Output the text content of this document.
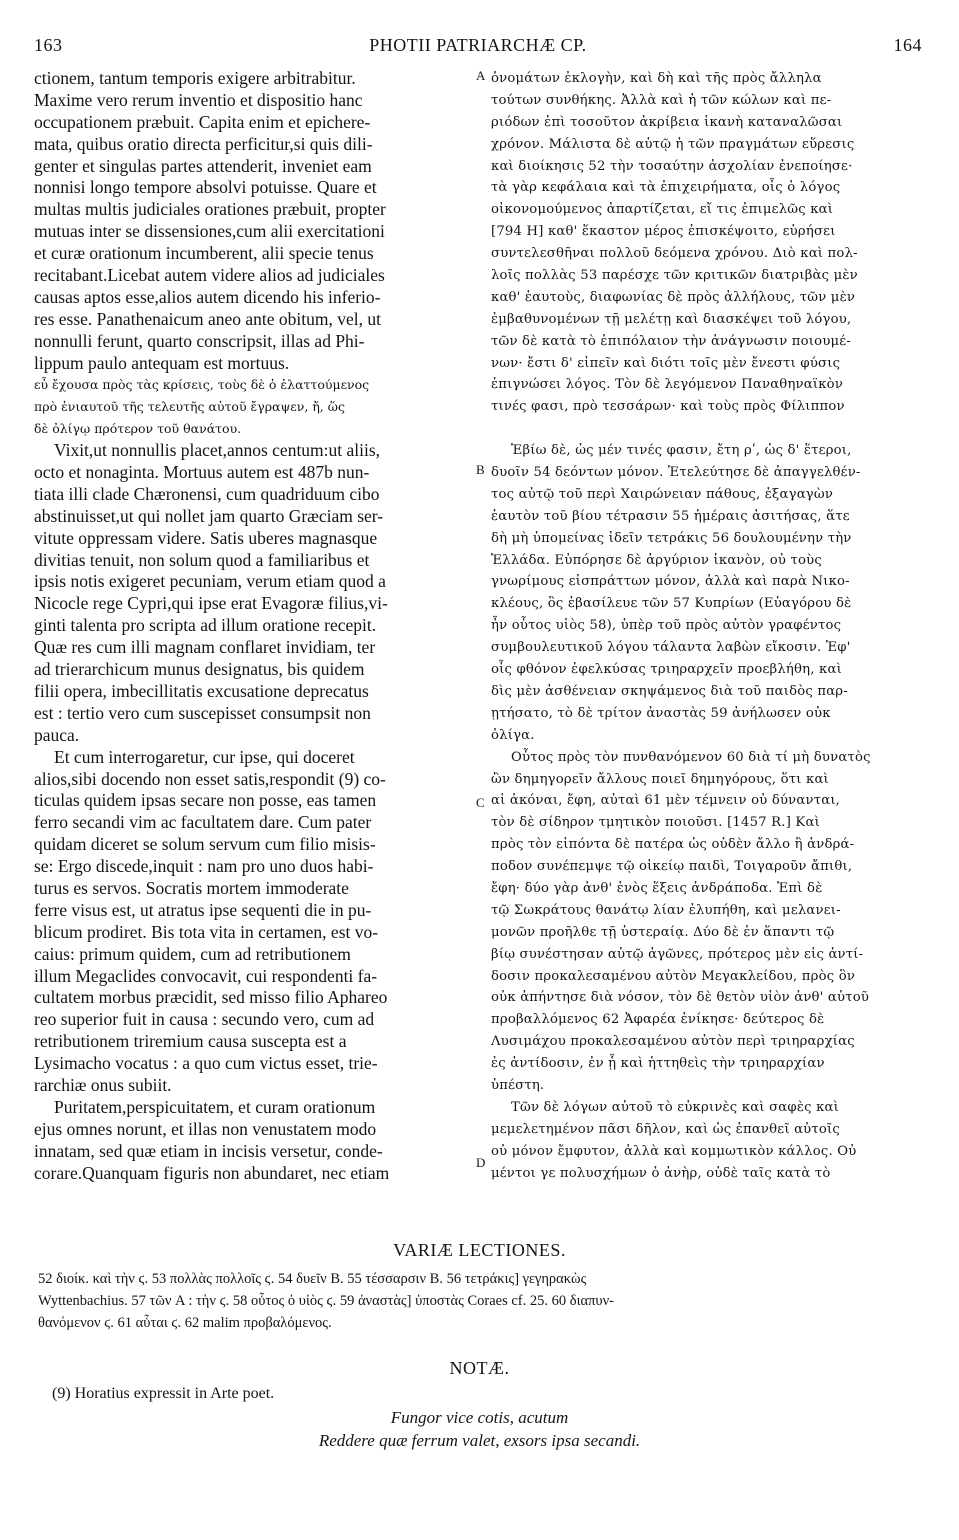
163	PHOTII PATRIARCHÆ CP.	164
ctionem, tantum temporis exigere arbitrabitur.
Maxime vero rerum inventio et dispositio hanc
occupationem præbuit. Capita enim et epichere-
mata, quibus oratio directa perficitur,si quis dili-
genter et singulas partes attenderit, inveniet eam
nonnisi longo tempore absolvi potuisse. Quare et
multas multis judiciales orationes præbuit, propter
mutuas inter se dissensiones,cum alii exercitationi
et curæ orationum incumberent, alii specie tenus
recitabant.Licebat autem videre alios ad judiciales
causas aptos esse,alios autem dicendo his inferio-
res esse. Panathenaicum aneo ante obitum, vel, ut
nonnulli ferunt, quarto conscripsit, illas ad Phi-
lippum paulo antequam est mortuus.
εὖ ἔχουσα πρὸς τὰς κρίσεις, τοὺς δὲ ὁ ἐλαττούμενος
πρὸ ἐνιαυτοῦ τῆς τελευτῆς αὐτοῦ ἔγραψεν, ἤ, ὥς
δὲ ὀλίγῳ πρότερον τοῦ θανάτου.
Vixit,ut nonnullis placet,annos centum:ut aliis,
octo et nonaginta. Mortuus autem est 487b nun-
tiata illi clade Chæronensi, cum quadriduum cibo
abstinuisset,ut qui nollet jam quarto Græciam ser-
vitute oppressam videre. Satis uberes magnasque
divitias tenuit, non solum quod a familiaribus et
ipsis notis exigeret pecuniam, verum etiam quod a
Nicocle rege Cypri,qui ipse erat Evagoræ filius,vi-
ginti talenta pro scripta ad illum oratione recepit.
Quæ res cum illi magnam conflaret invidiam, ter
ad trierarchicum munus designatus, bis quidem
filii opera, imbecillitatis excusatione deprecatus
est : tertio vero cum suscepisset consumpsit non
pauca.
Et cum interrogaretur, cur ipse, qui doceret
alios,sibi docendo non esset satis,respondit (9) co-
ticulas quidem ipsas secare non posse, eas tamen
ferro secandi vim ac facultatem dare. Cum pater
quidam diceret se solum servum cum filio misis-
se: Ergo discede,inquit : nam pro uno duos habi-
turus es servos. Socratis mortem immoderate
ferre visus est, ut atratus ipse sequenti die in pu-
blicum prodiret. Bis tota vita in certamen, est vo-
caius: primum quidem, cum ad retributionem
illum Megaclides convocavit, cui respondenti fa-
cultatem morbus præcidit, sed misso filio Aphareo
reo superior fuit in causa : secundo vero, cum ad
retributionem triremium causa suscepta est a
Lysimacho vocatus : a quo cum victus esset, trie-
rarchiæ onus subiit.
Puritatem,perspicuitatem, et curam orationum
ejus omnes norunt, et illas non venustatem modo
innatam, sed quæ etiam in incisis versetur, conde-
corare.Quanquam figuris non abundaret, nec etiam
ὀνομάτων ἐκλογὴν, καὶ δὴ καὶ τῆς πρὸς ἄλληλα
τούτων συνθήκης. Ἀλλὰ καὶ ἡ τῶν κώλων καὶ πε-
ριόδων ἐπὶ τοσοῦτον ἀκρίβεια ἱκανὴ καταναλῶσαι
χρόνον. Μάλιστα δὲ αὐτῷ ἡ τῶν πραγμάτων εὕρεσις
καὶ διοίκησις 52 τὴν τοσαύτην ἀσχολίαν ἐνεποίησε·
τὰ γὰρ κεφάλαια καὶ τὰ ἐπιχειρήματα, οἷς ὁ λόγος
οἰκονομούμενος ἀπαρτίζεται, εἴ τις ἐπιμελῶς καὶ
[794 H] καθ' ἕκαστον μέρος ἐπισκέψοιτο, εὑρήσει
συντελεσθῆναι πολλοῦ δεόμενα χρόνου. Διὸ καὶ πολ-
λοῖς πολλὰς 53 παρέσχε τῶν κριτικῶν διατριβὰς μὲν
καθ' ἑαυτοὺς, διαφωνίας δὲ πρὸς ἀλλήλους, τῶν μὲν
ἐμβαθυνομένων τῇ μελέτῃ καὶ διασκέψει τοῦ λόγου,
τῶν δὲ κατὰ τὸ ἐπιπόλαιον τὴν ἀνάγνωσιν ποιουμέ-
νων· ἔστι δ' εἰπεῖν καὶ διότι τοῖς μὲν ἔνεστι φύσις
ἐπιγνώσει λόγος. Τὸν δὲ λεγόμενον Παναθηναϊκὸν
τινές φασι, πρὸ τεσσάρων· καὶ τοὺς πρὸς Φίλιππον
Ἐβίω δὲ, ὡς μέν τινές φασιν, ἔτη ρʹ, ὡς δ' ἕτεροι,
δυοῖν 54 δεόντων μόνον. Ἐτελεύτησε δὲ ἀπαγγελθέν-
τος αὐτῷ τοῦ περὶ Χαιρώνειαν πάθους, ἐξαγαγὼν
ἑαυτὸν τοῦ βίου τέτρασιν 55 ἡμέραις ἀσιτήσας, ἅτε
δὴ μὴ ὑπομείνας ἰδεῖν τετράκις 56 δουλουμένην τὴν
Ἑλλάδα. Εὐπόρησε δὲ ἀργύριον ἱκανὸν, οὐ τοὺς
γνωρίμους εἰσπράττων μόνον, ἀλλὰ καὶ παρὰ Νικο-
κλέους, ὃς ἐβασίλευε τῶν 57 Κυπρίων (Εὐαγόρου δὲ
ἦν οὗτος υἱὸς 58), ὑπὲρ τοῦ πρὸς αὐτὸν γραφέντος
συμβουλευτικοῦ λόγου τάλαντα λαβὼν εἴκοσιν. Ἐφ'
οἷς φθόνον ἐφελκύσας τριηραρχεῖν προεβλήθη, καὶ
δὶς μὲν ἀσθένειαν σκηψάμενος διὰ τοῦ παιδὸς παρ-
ῃτήσατο, τὸ δὲ τρίτον ἀναστὰς 59 ἀνήλωσεν οὐκ
ὀλίγα.
Οὗτος πρὸς τὸν πυνθανόμενον 60 διὰ τί μὴ δυνατὸς
ὢν δημηγορεῖν ἄλλους ποιεῖ δημηγόρους, ὅτι καὶ
αἱ ἀκόναι, ἔφη, αὐταὶ 61 μὲν τέμνειν οὐ δύνανται,
τὸν δὲ σίδηρον τμητικὸν ποιοῦσι. [1457 R.] Καὶ
πρὸς τὸν εἰπόντα δὲ πατέρα ὡς οὐδὲν ἄλλο ἢ ἀνδρά-
ποδον συνέπεμψε τῷ οἰκείῳ παιδὶ, Τοιγαροῦν ἄπιθι,
ἔφη· δύο γὰρ ἀνθ' ἑνὸς ἕξεις ἀνδράποδα. Ἐπὶ δὲ
τῷ Σωκράτους θανάτῳ λίαν ἐλυπήθη, καὶ μελανει-
μονῶν προῆλθε τῇ ὑστεραίᾳ. Δύο δὲ ἐν ἅπαντι τῷ
βίῳ συνέστησαν αὐτῷ ἀγῶνες, πρότερος μὲν εἰς ἀντί-
δοσιν προκαλεσαμένου αὐτὸν Μεγακλείδου, πρὸς ὃν
οὐκ ἀπήντησε διὰ νόσον, τὸν δὲ θετὸν υἱὸν ἀνθ' αὐτοῦ
προβαλλόμενος 62 Ἀφαρέα ἐνίκησε· δεύτερος δὲ
Λυσιμάχου προκαλεσαμένου αὐτὸν περὶ τριηραρχίας
ἐς ἀντίδοσιν, ἐν ᾗ καὶ ἡττηθεὶς τὴν τριηραρχίαν
ὑπέστη.
Τῶν δὲ λόγων αὐτοῦ τὸ εὐκρινὲς καὶ σαφὲς καὶ
μεμελετημένον πᾶσι δῆλον, καὶ ὡς ἐπανθεῖ αὐτοῖς
οὐ μόνον ἔμφυτον, ἀλλὰ καὶ κομμωτικὸν κάλλος. Οὐ
μέντοι γε πολυσχήμων ὁ ἀνὴρ, οὐδὲ ταῖς κατὰ τὸ
A
B
C
D
VARIÆ LECTIONES.
52 διοίκ. καὶ τὴν ϛ. 53 πολλὰς πολλοῖς ϛ. 54 δυεῖν B. 55 τέσσαρσιν B. 56 τετράκις] γεγηρακὼς
Wyttenbachius. 57 τῶν A : τὴν ϛ. 58 οὗτος ὁ υἱὸς ϛ. 59 ἀναστὰς] ὑποστὰς Coraes cf. 25. 60 διαπυν-
θανόμενον ϛ. 61 αὗται ϛ. 62 malim προβαλόμενος.
NOTÆ.
(9) Horatius expressit in Arte poet.
Fungor vice cotis, acutum
Reddere quæ ferrum valet, exsors ipsa secandi.
